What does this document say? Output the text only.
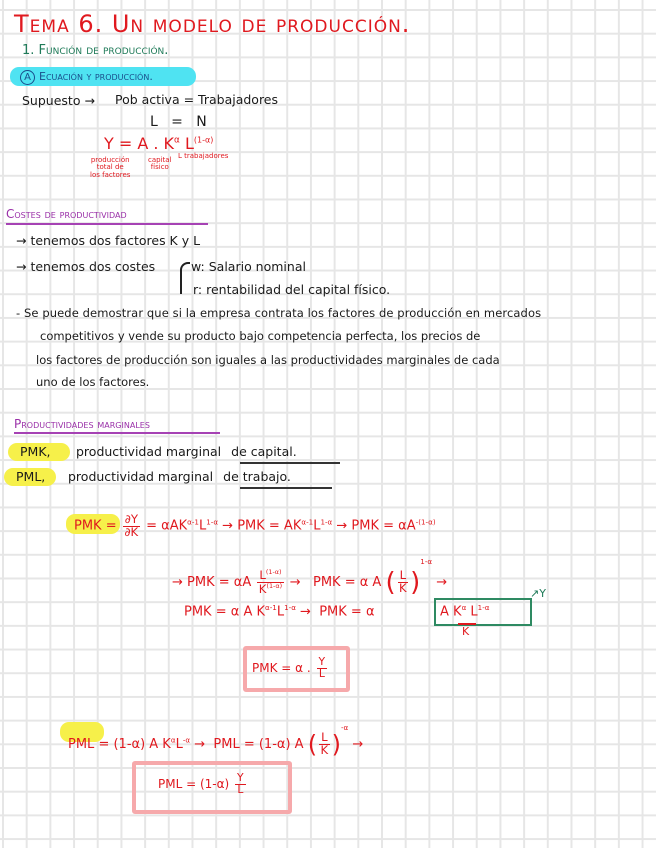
Tema 6. Un modelo de producción.
1. Función de producción.
A Ecuación y producción.
Supuesto → Pob activa = Trabajadores
L   =   N
Y = A . $K^\alpha$ $L^{(1-\alpha)}$
producción
total de
los factores
capital
físico
L trabajadores
Costes de productividad
→ tenemos dos factores K y L
→ tenemos dos costes	w: Salario nominal
r: rentabilidad del capital físico.
- Se puede demostrar que si la empresa contrata los factores de producción en mercados
competitivos y vende su producto bajo competencia perfecta, los precios de
los factores de producción son iguales a las productividades marginales de cada
uno de los factores.
Productividades marginales
PMK, productividad marginal de capital.
PML, productividad marginal de trabajo.
PMK = $\frac{\partial Y}{\partial K} = \alpha AK^{\alpha-1}L^{1-\alpha}$ → PMK = $AK^{\alpha-1}L^{1-\alpha}$ → PMK = $\alpha A^{-(1-\alpha)}$
→ PMK = αA $\frac{L^{(1-\alpha)}}{K^{(1-\alpha)}}$ →   PMK = α A ( $\frac{L}{K} )^{1-\alpha}$ →
PMK = α A $K^{\alpha-1}L^{1-\alpha}$ →  PMK = α	A $K^\alpha$ $L^{1-\alpha}$
K
↗Y
PMK = α . $\frac{Y}{L}$
PML = (1-α) A $K^\alpha L^{-\alpha}$ →  PML = (1-α) A ( $\frac{L}{K} )^{-\alpha}$ →
PML = $(1-\alpha) \frac{Y}{L}$
